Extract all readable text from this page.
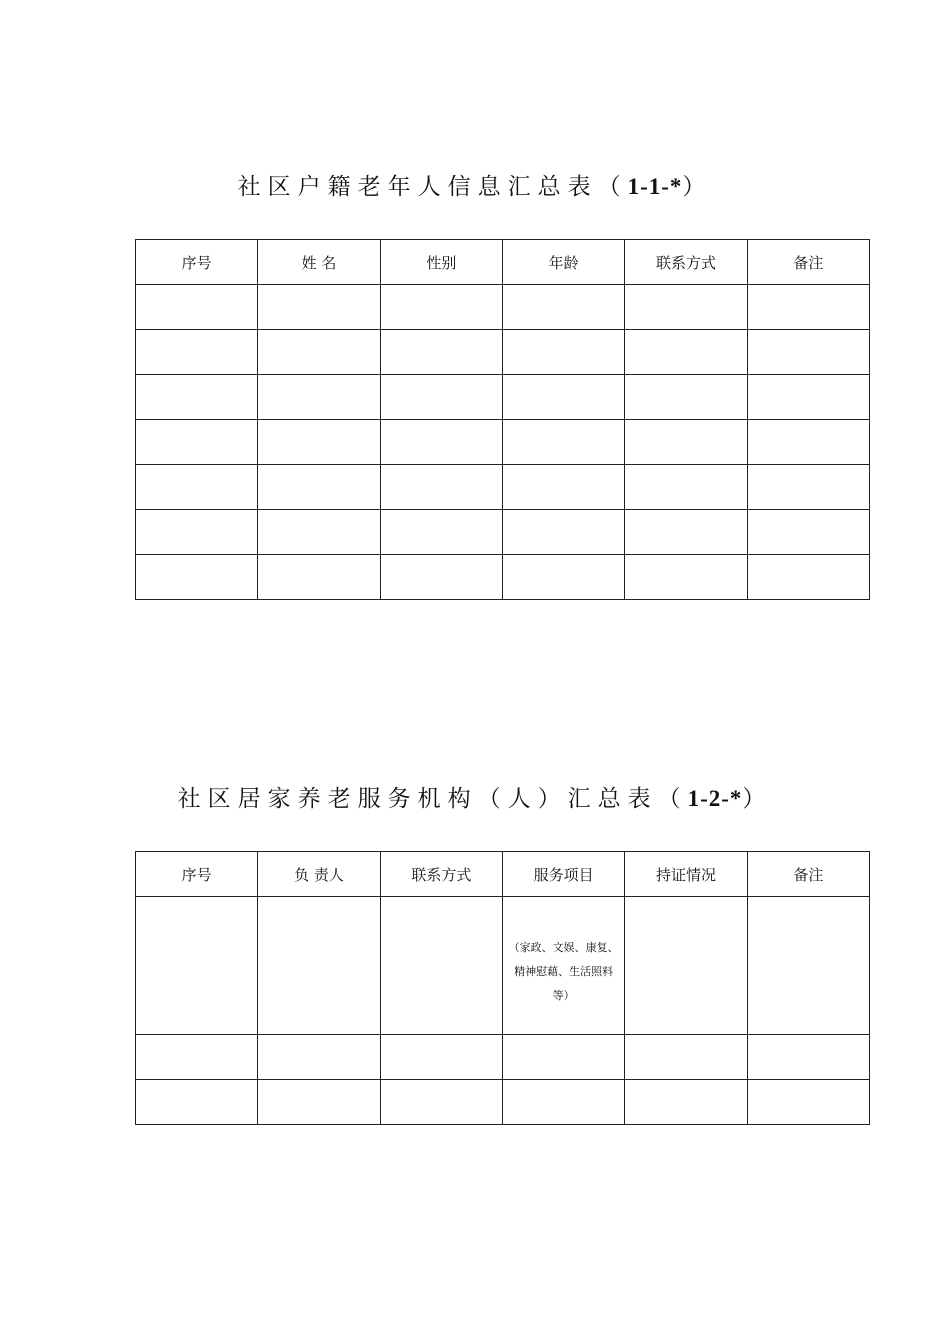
社区户籍老年人信息汇总表（1-1-*）
序号	姓 名	性别	年龄	联系方式	备注

社区居家养老服务机构（人）汇总表（1-2-*）
序号	负 责人	联系方式	服务项目	持证情况	备注
			（家政、文娱、康复、精神慰藉、生活照料等）		
